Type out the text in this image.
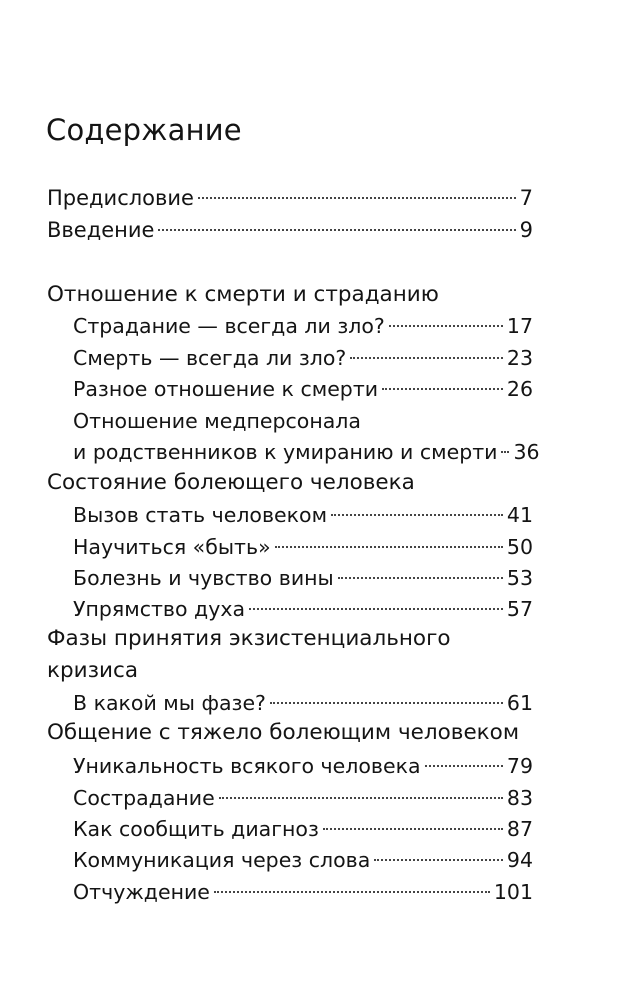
Содержание
Предисловие	7
Введение	9
Отношение к смерти и страданию
Страдание — всегда ли зло?	17
Смерть — всегда ли зло?	23
Разное отношение к смерти	26
Отношение медперсонала
и родственников к умиранию и смерти 36
Состояние болеющего человека
Вызов стать человеком	41
Научиться «быть»	50
Болезнь и чувство вины	53
Упрямство духа	57
Фазы принятия экзистенциального
кризиса
В какой мы фазе?	61
Общение с тяжело болеющим человеком
Уникальность всякого человека	79
Сострадание	83
Как сообщить диагноз	87
Коммуникация через слова	94
Отчуждение	101
